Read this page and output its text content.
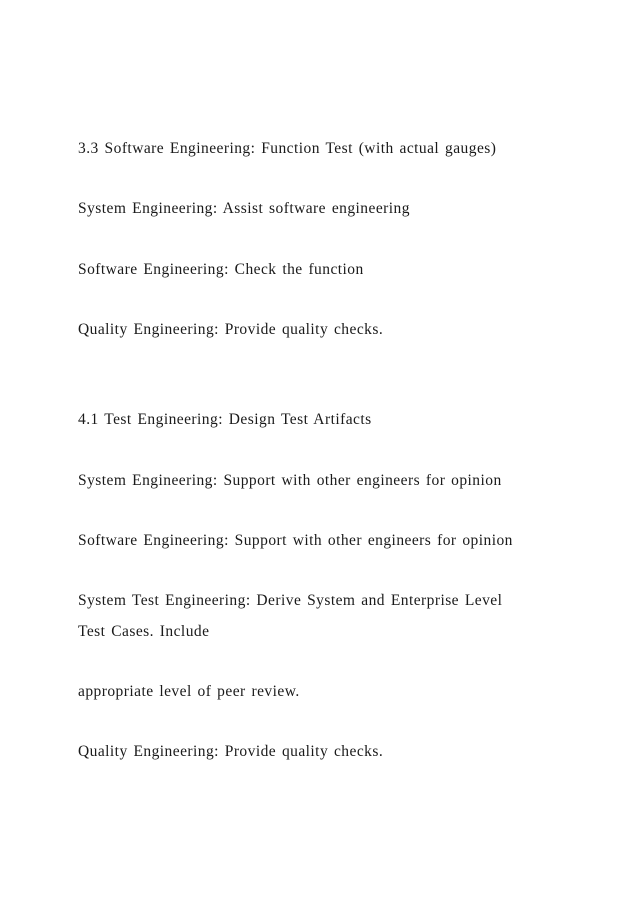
3.3 Software Engineering: Function Test (with actual gauges)

System Engineering: Assist software engineering

Software Engineering: Check the function

Quality Engineering: Provide quality checks.

4.1 Test Engineering: Design Test Artifacts

System Engineering: Support with other engineers for opinion

Software Engineering: Support with other engineers for opinion

System Test Engineering: Derive System and Enterprise Level

Test Cases. Include

appropriate level of peer review.

Quality Engineering: Provide quality checks.
